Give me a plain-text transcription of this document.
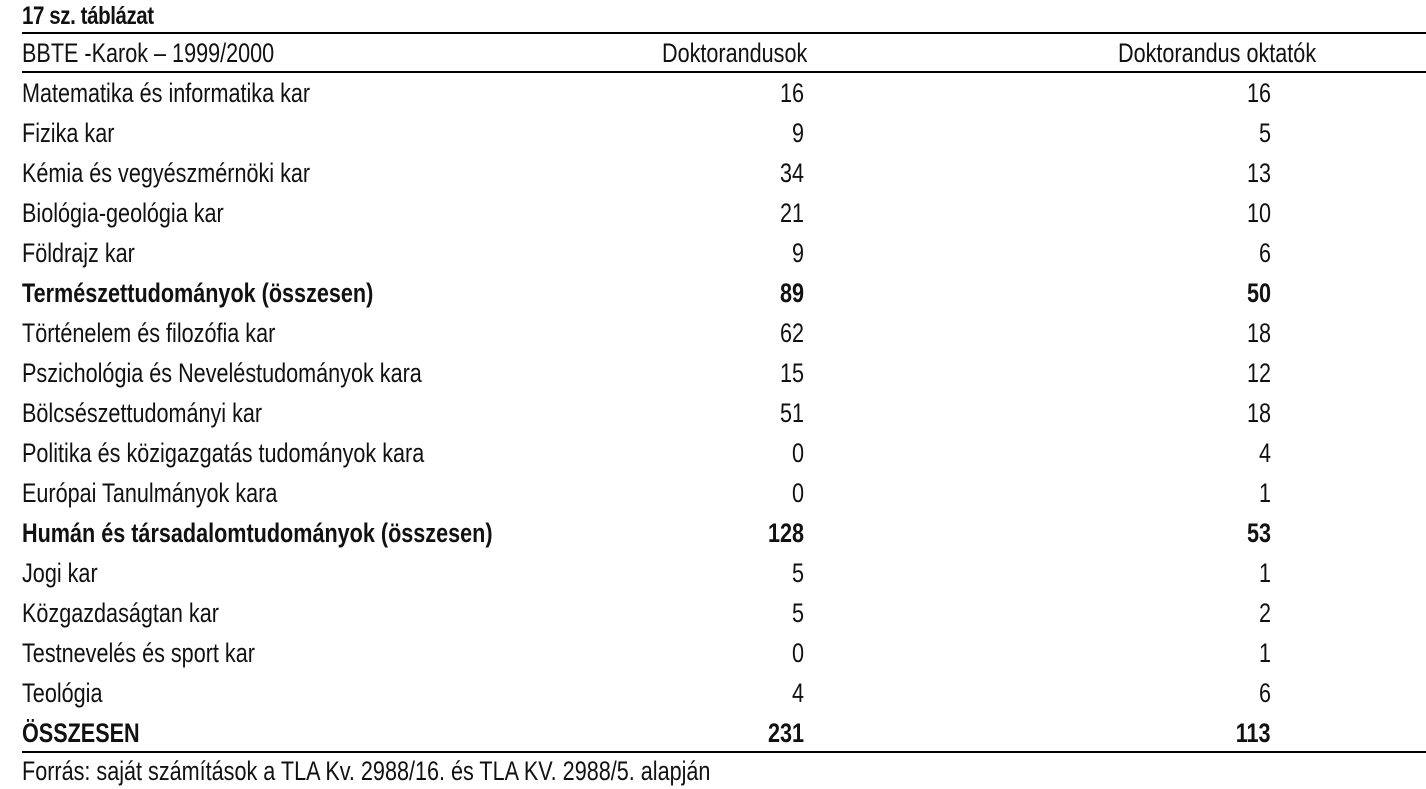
17 sz. táblázat
BBTE -Karok – 1999/2000	Doktorandusok	Doktorandus oktatók
Matematika és informatika kar	16	16
Fizika kar	9	5
Kémia és vegyészmérnöki kar	34	13
Biológia-geológia kar	21	10
Földrajz kar	9	6
Természettudományok (összesen)	89	50
Történelem és filozófia kar	62	18
Pszichológia és Neveléstudományok kara	15	12
Bölcsészettudományi kar	51	18
Politika és közigazgatás tudományok kara	0	4
Európai Tanulmányok kara	0	1
Humán és társadalomtudományok (összesen)	128	53
Jogi kar	5	1
Közgazdaságtan kar	5	2
Testnevelés és sport kar	0	1
Teológia	4	6
ÖSSZESEN	231	113
Forrás: saját számítások a TLA Kv. 2988/16. és TLA KV. 2988/5. alapján
